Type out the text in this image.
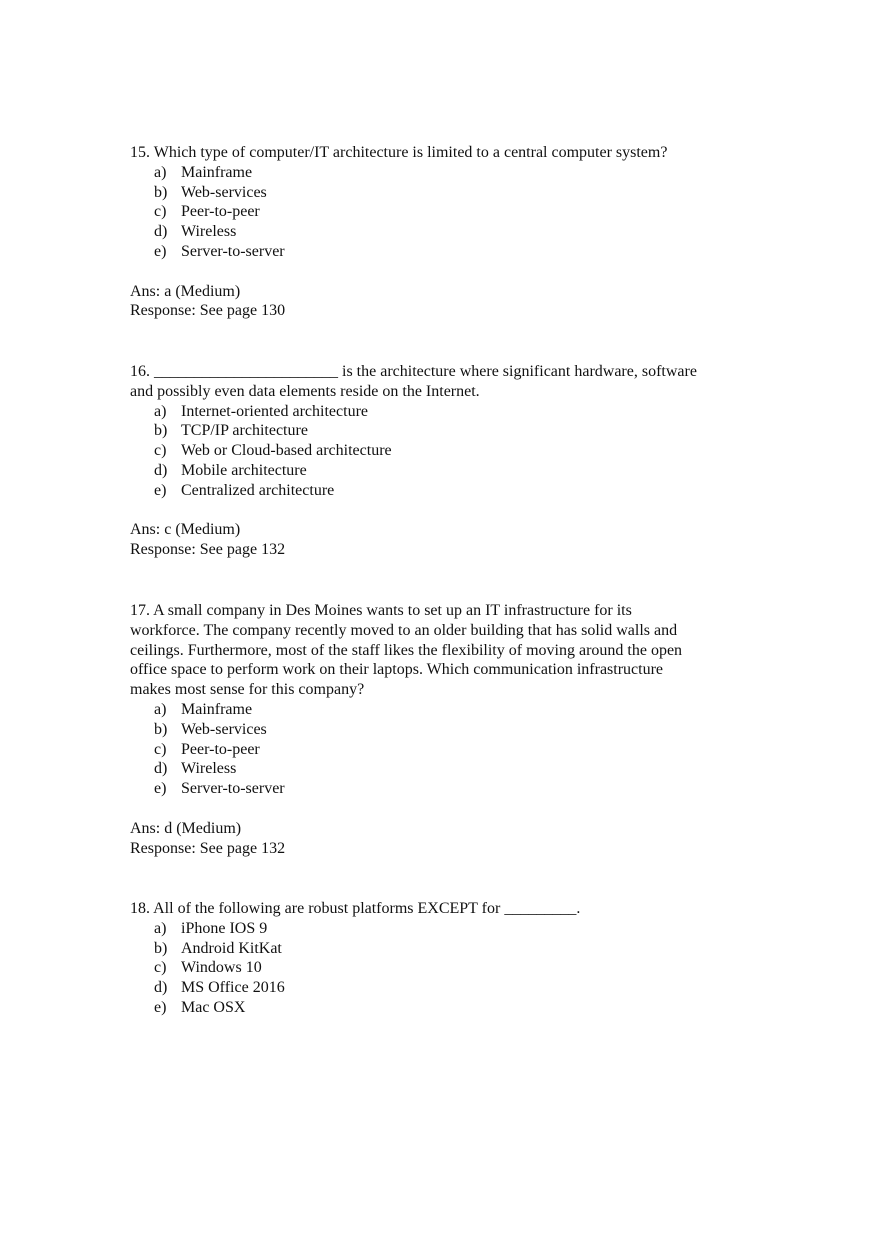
15. Which type of computer/IT architecture is limited to a central computer system?
a) Mainframe
b) Web-services
c) Peer-to-peer
d) Wireless
e) Server-to-server
Ans: a (Medium)
Response: See page 130
16. _______________________ is the architecture where significant hardware, software
and possibly even data elements reside on the Internet.
a) Internet-oriented architecture
b) TCP/IP architecture
c) Web or Cloud-based architecture
d) Mobile architecture
e) Centralized architecture
Ans: c (Medium)
Response: See page 132
17. A small company in Des Moines wants to set up an IT infrastructure for its
workforce. The company recently moved to an older building that has solid walls and
ceilings. Furthermore, most of the staff likes the flexibility of moving around the open
office space to perform work on their laptops. Which communication infrastructure
makes most sense for this company?
a) Mainframe
b) Web-services
c) Peer-to-peer
d) Wireless
e) Server-to-server
Ans: d (Medium)
Response: See page 132
18. All of the following are robust platforms EXCEPT for _________.
a) iPhone IOS 9
b) Android KitKat
c) Windows 10
d) MS Office 2016
e) Mac OSX
